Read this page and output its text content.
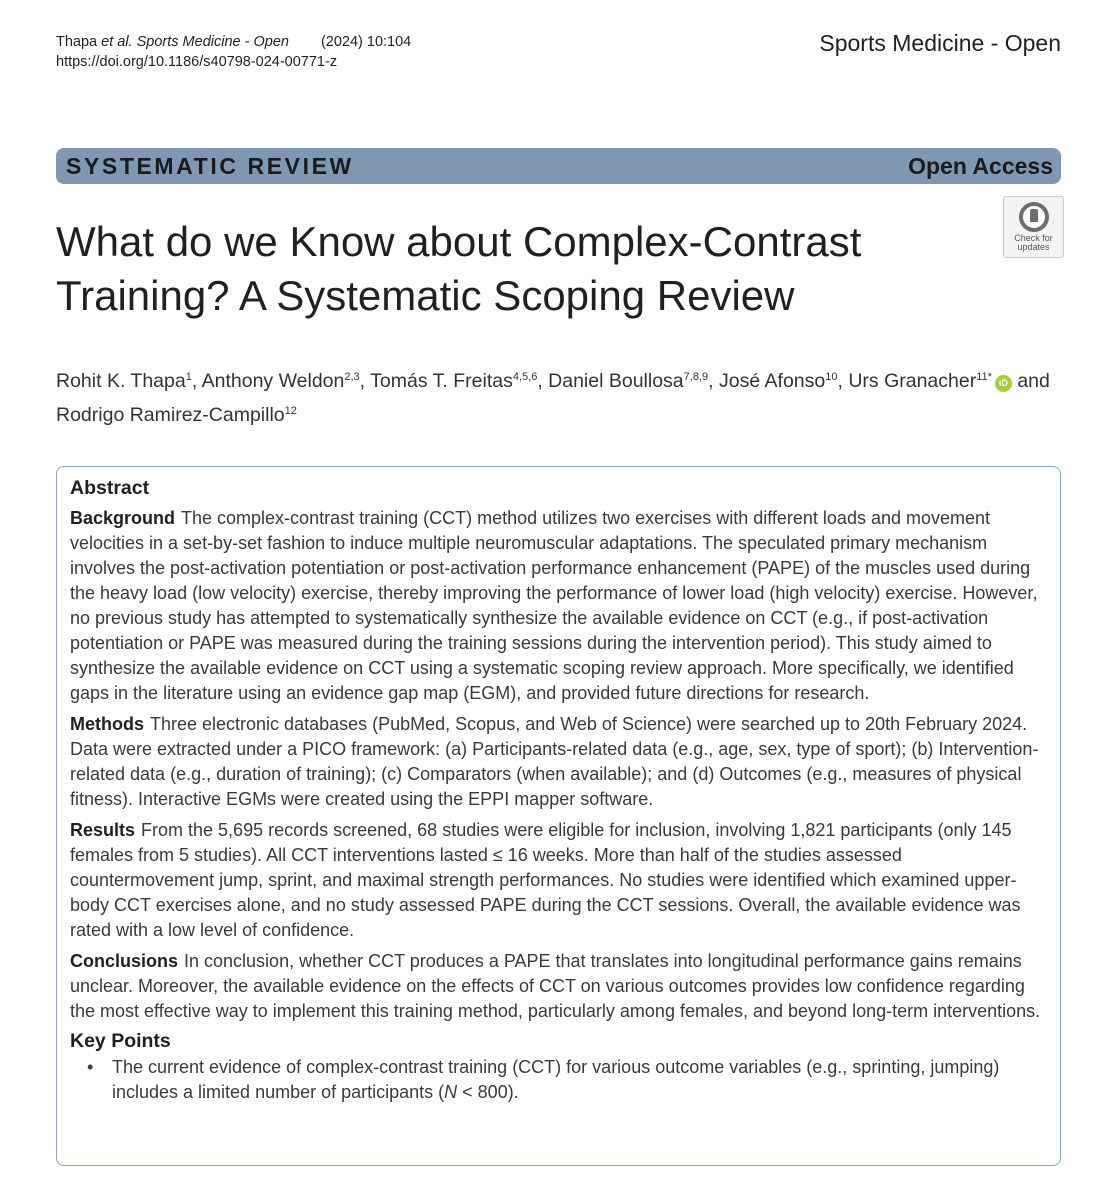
Thapa et al. Sports Medicine - Open (2024) 10:104
https://doi.org/10.1186/s40798-024-00771-z
Sports Medicine - Open
SYSTEMATIC REVIEW	Open Access
What do we Know about Complex-Contrast Training? A Systematic Scoping Review
Check for
updates
Rohit K. Thapa$^1$, Anthony Weldon$^{2,3}$, Tomás T. Freitas$^{4,5,6}$, Daniel Boullosa$^{7,8,9}$, José Afonso$^{10}$, Urs Granacher$^{11*}$ iD and
Rodrigo Ramirez-Campillo$^{12}$
Abstract

Background The complex-contrast training (CCT) method utilizes two exercises with different loads and movement velocities in a set-by-set fashion to induce multiple neuromuscular adaptations. The speculated primary mechanism involves the post-activation potentiation or post-activation performance enhancement (PAPE) of the muscles used during the heavy load (low velocity) exercise, thereby improving the performance of lower load (high velocity) exercise. However, no previous study has attempted to systematically synthesize the available evidence on CCT (e.g., if post-activation potentiation or PAPE was measured during the training sessions during the intervention period). This study aimed to synthesize the available evidence on CCT using a systematic scoping review approach. More specifically, we identified gaps in the literature using an evidence gap map (EGM), and provided future directions for research.

Methods Three electronic databases (PubMed, Scopus, and Web of Science) were searched up to 20th February 2024. Data were extracted under a PICO framework: (a) Participants-related data (e.g., age, sex, type of sport); (b) Intervention-related data (e.g., duration of training); (c) Comparators (when available); and (d) Outcomes (e.g., measures of physical fitness). Interactive EGMs were created using the EPPI mapper software.

Results From the 5,695 records screened, 68 studies were eligible for inclusion, involving 1,821 participants (only 145 females from 5 studies). All CCT interventions lasted ≤ 16 weeks. More than half of the studies assessed countermovement jump, sprint, and maximal strength performances. No studies were identified which examined upper-body CCT exercises alone, and no study assessed PAPE during the CCT sessions. Overall, the available evidence was rated with a low level of confidence.

Conclusions In conclusion, whether CCT produces a PAPE that translates into longitudinal performance gains remains unclear. Moreover, the available evidence on the effects of CCT on various outcomes provides low confidence regarding the most effective way to implement this training method, particularly among females, and beyond long-term interventions.

Key Points
• The current evidence of complex-contrast training (CCT) for various outcome variables (e.g., sprinting, jumping) includes a limited number of participants (N < 800).
